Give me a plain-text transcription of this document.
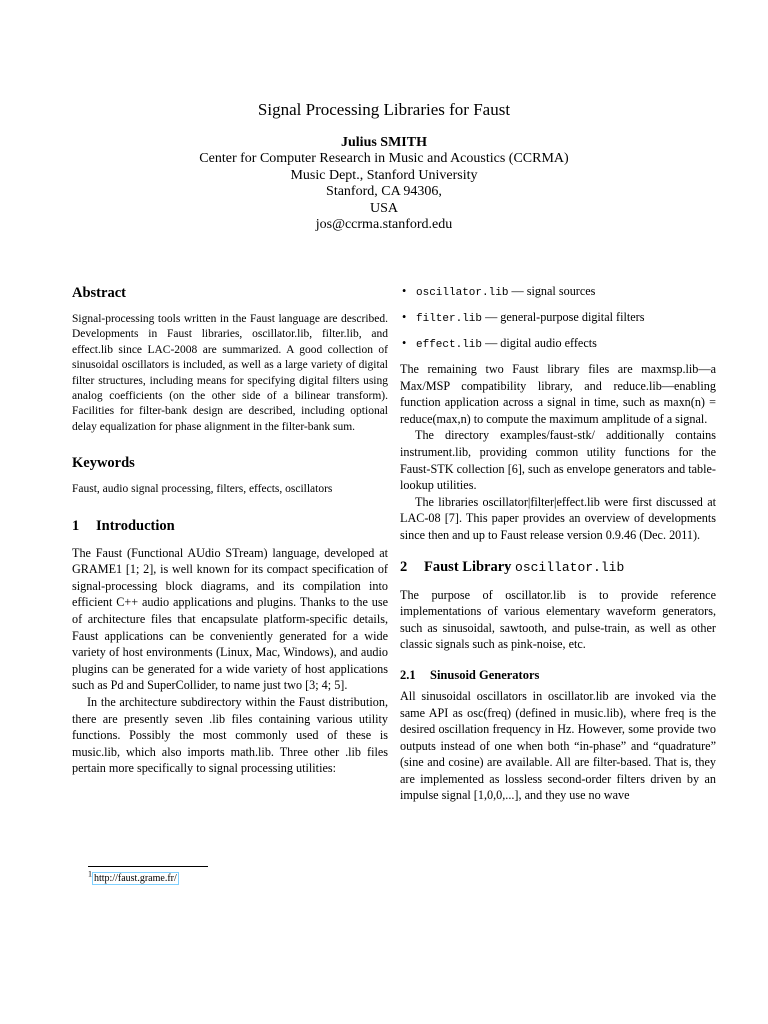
Signal Processing Libraries for Faust
Julius SMITH
Center for Computer Research in Music and Acoustics (CCRMA)
Music Dept., Stanford University
Stanford, CA 94306,
USA
jos@ccrma.stanford.edu
Abstract

Signal-processing tools written in the Faust language are described. Developments in Faust libraries, oscillator.lib, filter.lib, and effect.lib since LAC-2008 are summarized. A good collection of sinusoidal oscillators is included, as well as a large variety of digital filter structures, including means for specifying digital filters using analog coefficients (on the other side of a bilinear transform). Facilities for filter-bank design are described, including optional delay equalization for phase alignment in the filter-bank sum.

Keywords

Faust, audio signal processing, filters, effects, oscillators

1 Introduction

The Faust (Functional AUdio STream) language, developed at GRAME1 [1; 2], is well known for its compact specification of signal-processing block diagrams, and its compilation into efficient C++ audio applications and plugins. Thanks to the use of architecture files that encapsulate platform-specific details, Faust applications can be conveniently generated for a wide variety of host environments (Linux, Mac, Windows), and audio plugins can be generated for a wide variety of host applications such as Pd and SuperCollider, to name just two [3; 4; 5].

In the architecture subdirectory within the Faust distribution, there are presently seven .lib files containing various utility functions. Possibly the most commonly used of these is music.lib, which also imports math.lib. Three other .lib files pertain more specifically to signal processing utilities:

• oscillator.lib — signal sources
• filter.lib — general-purpose digital filters
• effect.lib — digital audio effects

The remaining two Faust library files are maxmsp.lib—a Max/MSP compatibility library, and reduce.lib—enabling function application across a signal in time, such as maxn(n) = reduce(max,n) to compute the maximum amplitude of a signal.

The directory examples/faust-stk/ additionally contains instrument.lib, providing common utility functions for the Faust-STK collection [6], such as envelope generators and table-lookup utilities.

The libraries oscillator|filter|effect.lib were first discussed at LAC-08 [7]. This paper provides an overview of developments since then and up to Faust release version 0.9.46 (Dec. 2011).

2 Faust Library oscillator.lib

The purpose of oscillator.lib is to provide reference implementations of various elementary waveform generators, such as sinusoidal, sawtooth, and pulse-train, as well as other classic signals such as pink-noise, etc.

2.1 Sinusoid Generators

All sinusoidal oscillators in oscillator.lib are invoked via the same API as osc(freq) (defined in music.lib), where freq is the desired oscillation frequency in Hz. However, some provide two outputs instead of one when both “in-phase” and “quadrature” (sine and cosine) are available. All are filter-based. That is, they are implemented as lossless second-order filters driven by an impulse signal [1,0,0,...], and they use no wave

$^1$ http://faust.grame.fr/
